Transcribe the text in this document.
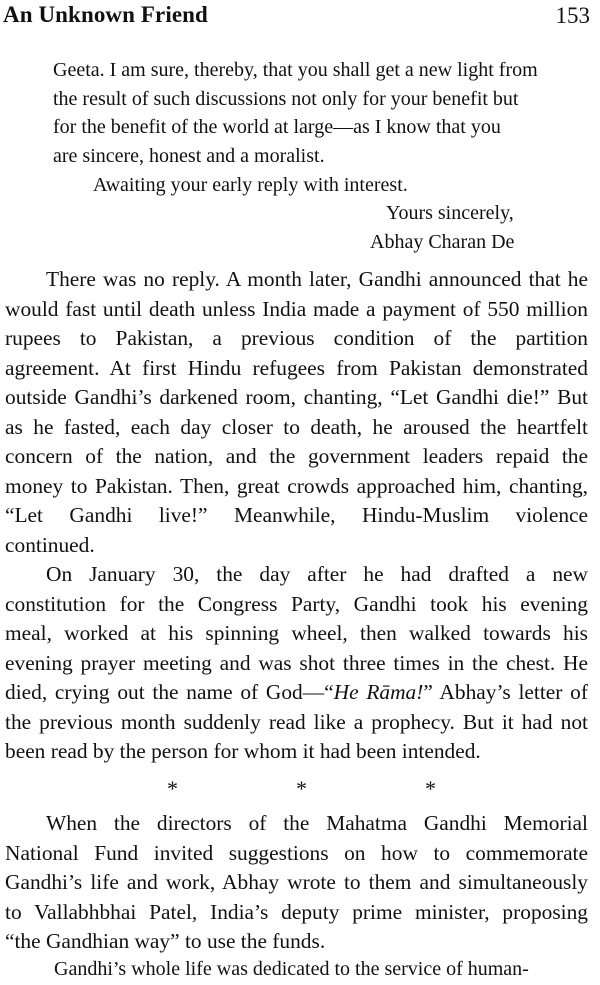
An Unknown Friend	153
Geeta. I am sure, thereby, that you shall get a new light from
the result of such discussions not only for your benefit but
for the benefit of the world at large—as I know that you
are sincere, honest and a moralist.
Awaiting your early reply with interest.
Yours sincerely,
Abhay Charan De
There was no reply. A month later, Gandhi announced that he
would fast until death unless India made a payment of 550 million
rupees to Pakistan, a previous condition of the partition
agreement. At first Hindu refugees from Pakistan demonstrated
outside Gandhi’s darkened room, chanting, “Let Gandhi die!” But
as he fasted, each day closer to death, he aroused the heartfelt
concern of the nation, and the government leaders repaid the
money to Pakistan. Then, great crowds approached him, chanting,
“Let Gandhi live!” Meanwhile, Hindu-Muslim violence
continued.
On January 30, the day after he had drafted a new
constitution for the Congress Party, Gandhi took his evening
meal, worked at his spinning wheel, then walked towards his
evening prayer meeting and was shot three times in the chest. He
died, crying out the name of God—“He Rāma!” Abhay’s letter of
the previous month suddenly read like a prophecy. But it had not
been read by the person for whom it had been intended.
*	*	*
When the directors of the Mahatma Gandhi Memorial
National Fund invited suggestions on how to commemorate
Gandhi’s life and work, Abhay wrote to them and simultaneously
to Vallabhbhai Patel, India’s deputy prime minister, proposing
“the Gandhian way” to use the funds.
Gandhi’s whole life was dedicated to the service of human-
